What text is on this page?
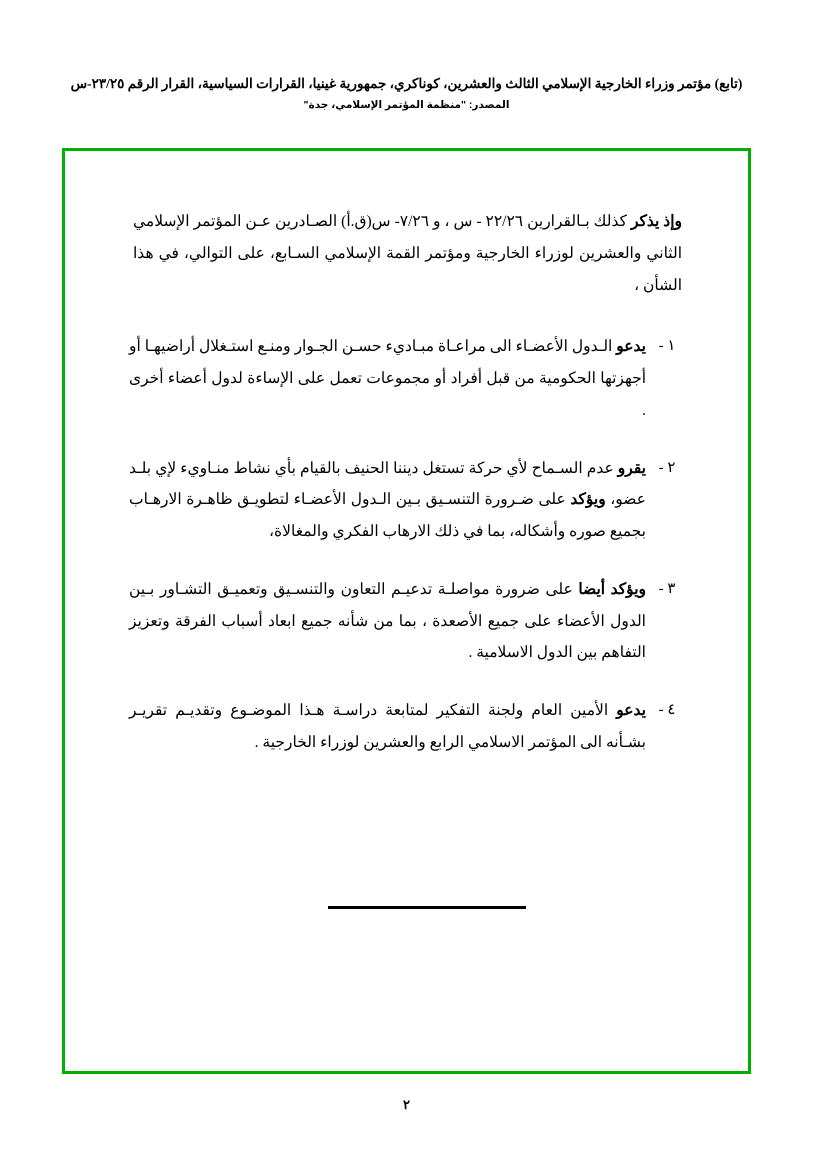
(تابع) مؤتمر وزراء الخارجية الإسلامي الثالث والعشرين، كوناكري، جمهورية غينيا، القرارات السياسية، القرار الرقم ٢٣/٢٥-س
المصدر: "منظمة المؤتمر الإسلامي، جدة"

وإذ يذكر كذلك بـالقرارين ٢٢/٢٦ - س ، و ٧/٢٦- س(ق.أ) الصـادرين عـن المؤتمر الإسلامي الثاني والعشرين لوزراء الخارجية ومؤتمر القمة الإسلامي السـابع، على التوالي، في هذا الشأن ،

١ -
يدعو الـدول الأعضـاء الى مراعـاة مبـاديء حسـن الجـوار ومنـع استـغلال أراضيهـا أو أجهزتها الحكومية من قبل أفراد أو مجموعات تعمل على الإساءة لدول أعضاء أخرى .
٢ -
يقرو عدم السـماح لأي حركة تستغل ديننا الحنيف بالقيام بأي نشاط منـاويء لإي بلـد عضو، ويؤكد على ضـرورة التنسـيق بـين الـدول الأعضـاء لتطويـق ظاهـرة الارهـاب بجميع صوره وأشكاله، بما في ذلك الارهاب الفكري والمغالاة،
٣ -
ويؤكد أيضا على ضرورة مواصلـة تدعيـم التعاون والتنسـيق وتعميـق التشـاور بـين الدول الأعضاء على جميع الأصعدة ، بما من شأنه جميع ابعاد أسباب الفرقة وتعزيز التفاهم بين الدول الاسلامية .
٤ -
يدعو الأمين العام ولجنة التفكير لمتابعة دراسـة هـذا الموضـوع وتقديـم تقريـر بشـأنه الى المؤتمر الاسلامي الرابع والعشرين لوزراء الخارجية .
٢
